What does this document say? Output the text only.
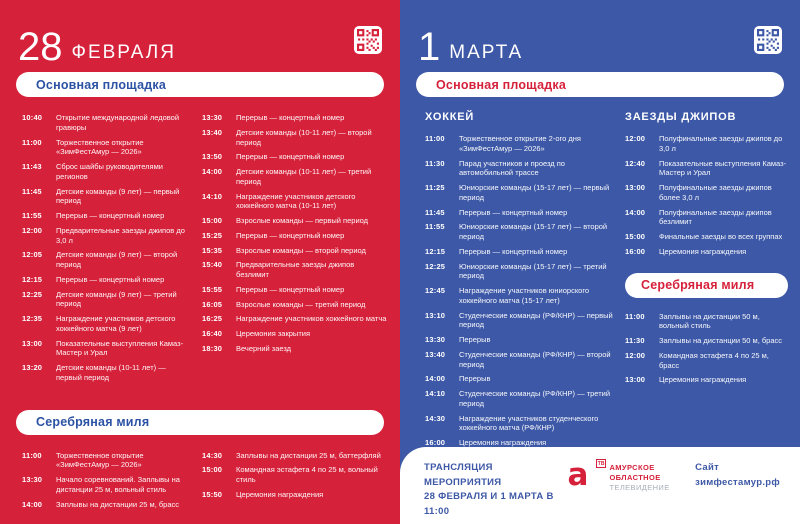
28 ФЕВРАЛЯ
Основная площадка
10:40	Открытие международной ледовой гравюры
11:00	Торжественное открытие «ЗимФестАмур — 2026»
11:43	Сброс шайбы руководителями регионов
11:45	Детские команды (9 лет) — первый период
11:55	Перерыв — концертный номер
12:00	Предварительные заезды джипов до 3,0 л
12:05	Детские команды (9 лет) — второй период
12:15	Перерыв — концертный номер
12:25	Детские команды (9 лет) — третий период
12:35	Награждение участников детского хоккейного матча (9 лет)
13:00	Показательные выступления Камаз-Мастер и Урал
13:20	Детские команды (10-11 лет) — первый период
13:30	Перерыв — концертный номер
13:40	Детские команды (10-11 лет) — второй период
13:50	Перерыв — концертный номер
14:00	Детские команды (10-11 лет) — третий период
14:10	Награждение участников детского хоккейного матча (10-11 лет)
15:00	Взрослые команды — первый период
15:25	Перерыв — концертный номер
15:35	Взрослые команды — второй период
15:40	Предварительные заезды джипов безлимит
15:55	Перерыв — концертный номер
16:05	Взрослые команды — третий период
16:25	Награждение участников хоккейного матча
16:40	Церемония закрытия
18:30	Вечерний заезд
Серебряная миля
11:00	Торжественное открытие «ЗимФестАмур — 2026»
13:30	Начало соревнований. Заплывы на дистанции 25 м, вольный стиль
14:00	Заплывы на дистанции 25 м, брасс
14:30	Заплывы на дистанции 25 м, баттерфляй
15:00	Командная эстафета 4 по 25 м, вольный стиль
15:50	Церемония награждения
1 МАРТА
Основная площадка
ХОККЕЙ
11:00	Торжественное открытие 2-ого дня «ЗимФестАмур — 2026»
11:30	Парад участников и проезд по автомобильной трассе
11:25	Юниорские команды (15-17 лет) — первый период
11:45	Перерыв — концертный номер
11:55	Юниорские команды (15-17 лет) — второй период
12:15	Перерыв — концертный номер
12:25	Юниорские команды (15-17 лет) — третий период
12:45	Награждение участников юниорского хоккейного матча (15-17 лет)
13:10	Студенческие команды (РФ/КНР) — первый период
13:30	Перерыв
13:40	Студенческие команды (РФ/КНР) — второй период
14:00	Перерыв
14:10	Студенческие команды (РФ/КНР) — третий период
14:30	Награждение участников студенческого хоккейного матча (РФ/КНР)
16:00	Церемония награждения
ЗАЕЗДЫ ДЖИПОВ
12:00	Полуфинальные заезды джипов до 3,0 л
12:40	Показательные выступления Камаз-Мастер и Урал
13:00	Полуфинальные заезды джипов более 3,0 л
14:00	Полуфинальные заезды джипов безлимит
15:00	Финальные заезды во всех группах
16:00	Церемония награждения
Серебряная миля
11:00	Заплывы на дистанции 50 м, вольный стиль
11:30	Заплывы на дистанции 50 м, брасс
12:00	Командная эстафета 4 по 25 м, брасс
13:00	Церемония награждения
ТРАНСЛЯЦИЯ МЕРОПРИЯТИЯ
28 ФЕВРАЛЯ И 1 МАРТА В 11:00
а	ТВ АМУРСКОЕ
ОБЛАСТНОЕ
ТЕЛЕВИДЕНИЕ
Сайт
зимфестамур.рф
